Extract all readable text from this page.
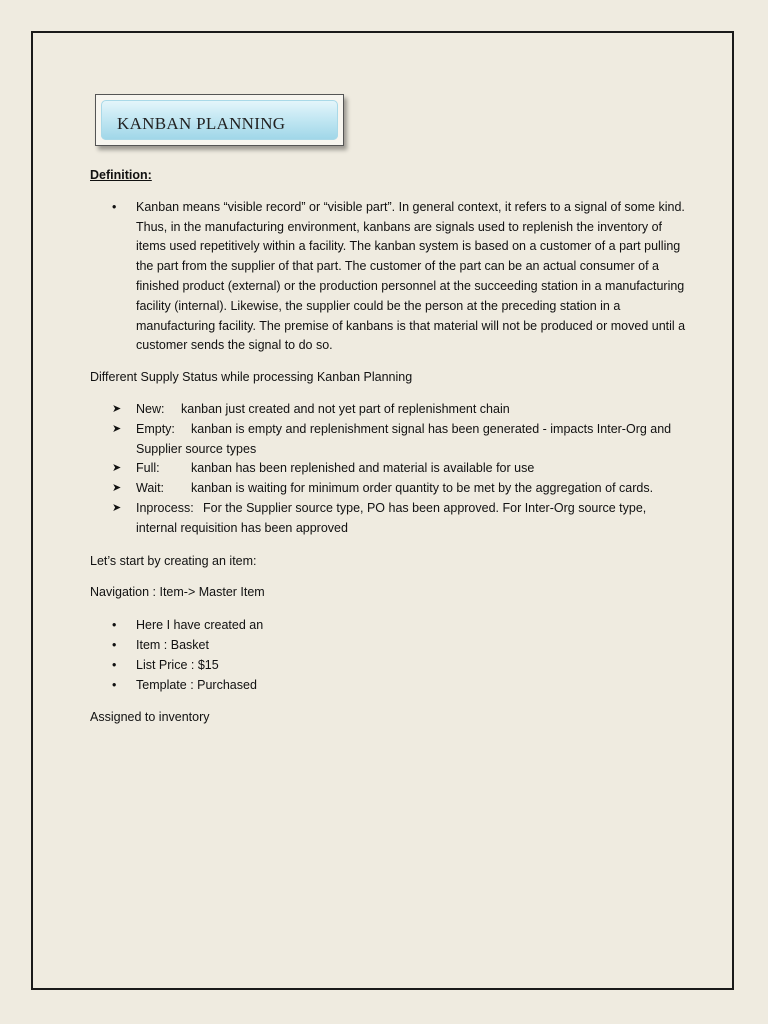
KANBAN PLANNING

Definition:

• Kanban means “visible record” or “visible part”. In general context, it refers to a signal of some kind. Thus, in the manufacturing environment, kanbans are signals used to replenish the inventory of items used repetitively within a facility. The kanban system is based on a customer of a part pulling the part from the supplier of that part. The customer of the part can be an actual consumer of a finished product (external) or the production personnel at the succeeding station in a manufacturing facility (internal). Likewise, the supplier could be the person at the preceding station in a manufacturing facility. The premise of kanbans is that material will not be produced or moved until a customer sends the signal to do so.

Different Supply Status while processing Kanban Planning

➤ New: kanban just created and not yet part of replenishment chain
➤ Empty: kanban is empty and replenishment signal has been generated - impacts Inter-Org and Supplier source types
➤ Full:	kanban has been replenished and material is available for use
➤ Wait: kanban is waiting for minimum order quantity to be met by the aggregation of cards.
➤ Inprocess: For the Supplier source type, PO has been approved. For Inter-Org source type, internal requisition has been approved

Let’s start by creating an item:

Navigation : Item-> Master Item

• Here I have created an
• Item : Basket
• List Price : $15
• Template : Purchased

Assigned to inventory
